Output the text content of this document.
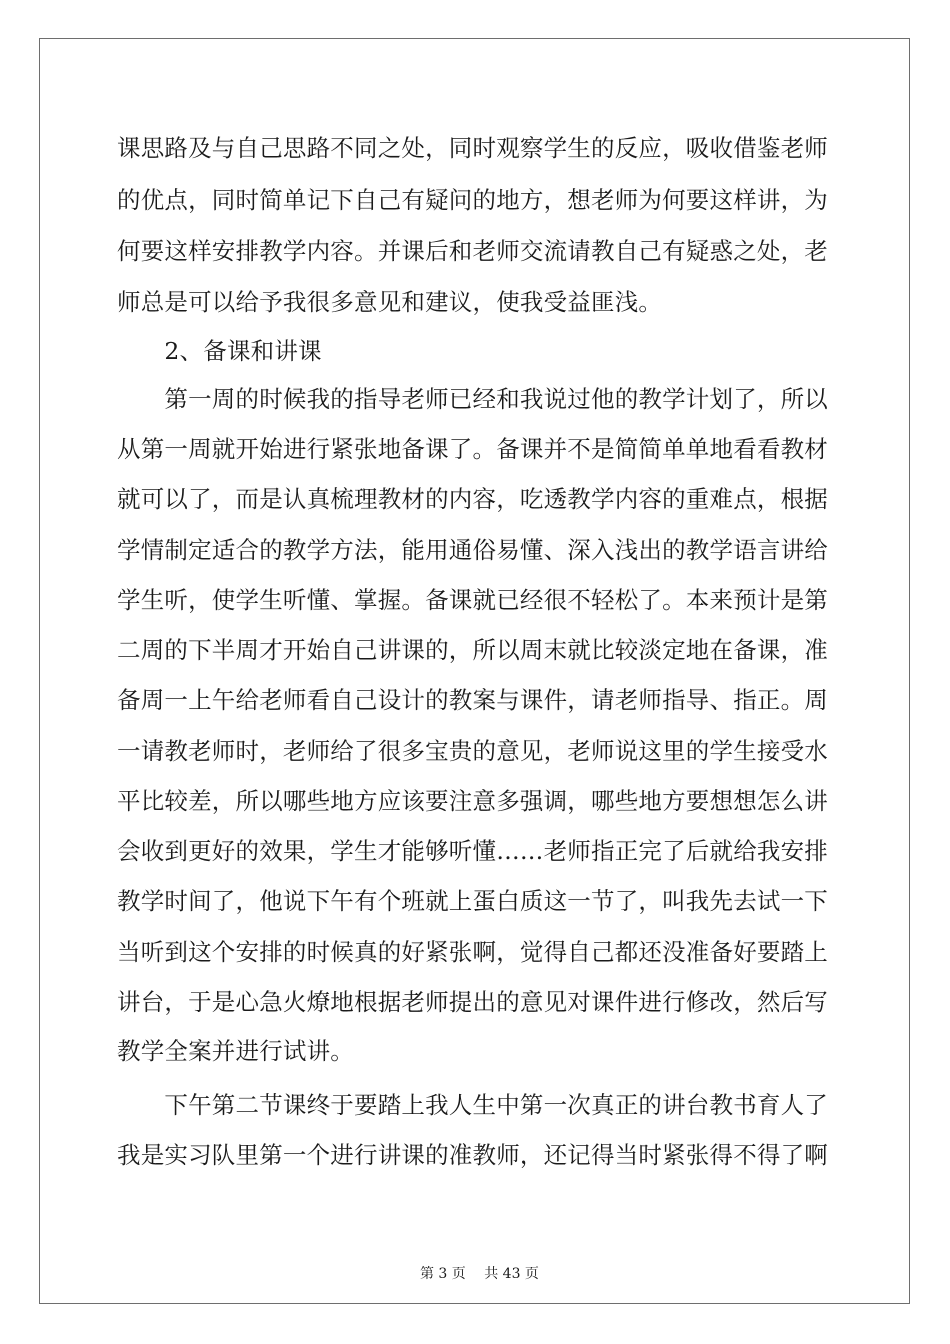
课思路及与自己思路不同之处，同时观察学生的反应，吸收借鉴老师
的优点，同时简单记下自己有疑问的地方，想老师为何要这样讲，为
何要这样安排教学内容。并课后和老师交流请教自己有疑惑之处，老
师总是可以给予我很多意见和建议，使我受益匪浅。
　　2、备课和讲课
　　第一周的时候我的指导老师已经和我说过他的教学计划了，所以
从第一周就开始进行紧张地备课了。备课并不是简简单单地看看教材
就可以了，而是认真梳理教材的内容，吃透教学内容的重难点，根据
学情制定适合的教学方法，能用通俗易懂、深入浅出的教学语言讲给
学生听，使学生听懂、掌握。备课就已经很不轻松了。本来预计是第
二周的下半周才开始自己讲课的，所以周末就比较淡定地在备课，准
备周一上午给老师看自己设计的教案与课件，请老师指导、指正。周
一请教老师时，老师给了很多宝贵的意见，老师说这里的学生接受水
平比较差，所以哪些地方应该要注意多强调，哪些地方要想想怎么讲
会收到更好的效果，学生才能够听懂……老师指正完了后就给我安排
教学时间了，他说下午有个班就上蛋白质这一节了，叫我先去试一下
当听到这个安排的时候真的好紧张啊，觉得自己都还没准备好要踏上
讲台，于是心急火燎地根据老师提出的意见对课件进行修改，然后写
教学全案并进行试讲。
　　下午第二节课终于要踏上我人生中第一次真正的讲台教书育人了
我是实习队里第一个进行讲课的准教师，还记得当时紧张得不得了啊

第 3 页　 共 43 页
